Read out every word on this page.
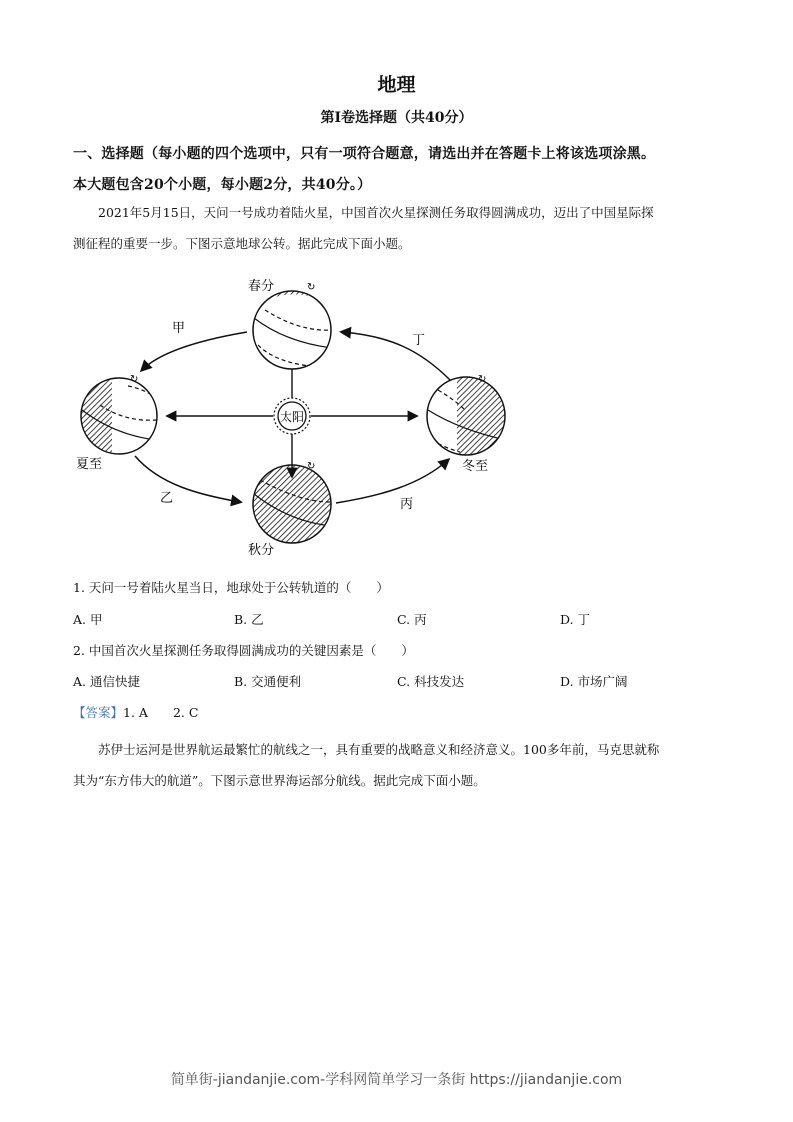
地理
第Ⅰ卷选择题（共40分）
一、选择题（每小题的四个选项中，只有一项符合题意，请选出并在答题卡上将该选项涂黑。
本大题包含20个小题，每小题2分，共40分。）
2021年5月15日，天问一号成功着陆火星，中国首次火星探测任务取得圆满成功，迈出了中国星际探
测征程的重要一步。下图示意地球公转。据此完成下面小题。
太阳
↻
↻
↻
↻
春分
夏至
秋分
冬至
甲
乙	丙
丁
1. 天问一号着陆火星当日，地球处于公转轨道的（　　）
A. 甲	B. 乙	C. 丙	D. 丁
2. 中国首次火星探测任务取得圆满成功的关键因素是（　　）
A. 通信快捷	B. 交通便利	C. 科技发达	D. 市场广阔
【答案】1. A　　2. C
苏伊士运河是世界航运最繁忙的航线之一，具有重要的战略意义和经济意义。100多年前，马克思就称
其为“东方伟大的航道”。下图示意世界海运部分航线。据此完成下面小题。
简单街-jiandanjie.com-学科网简单学习一条街 https://jiandanjie.com
